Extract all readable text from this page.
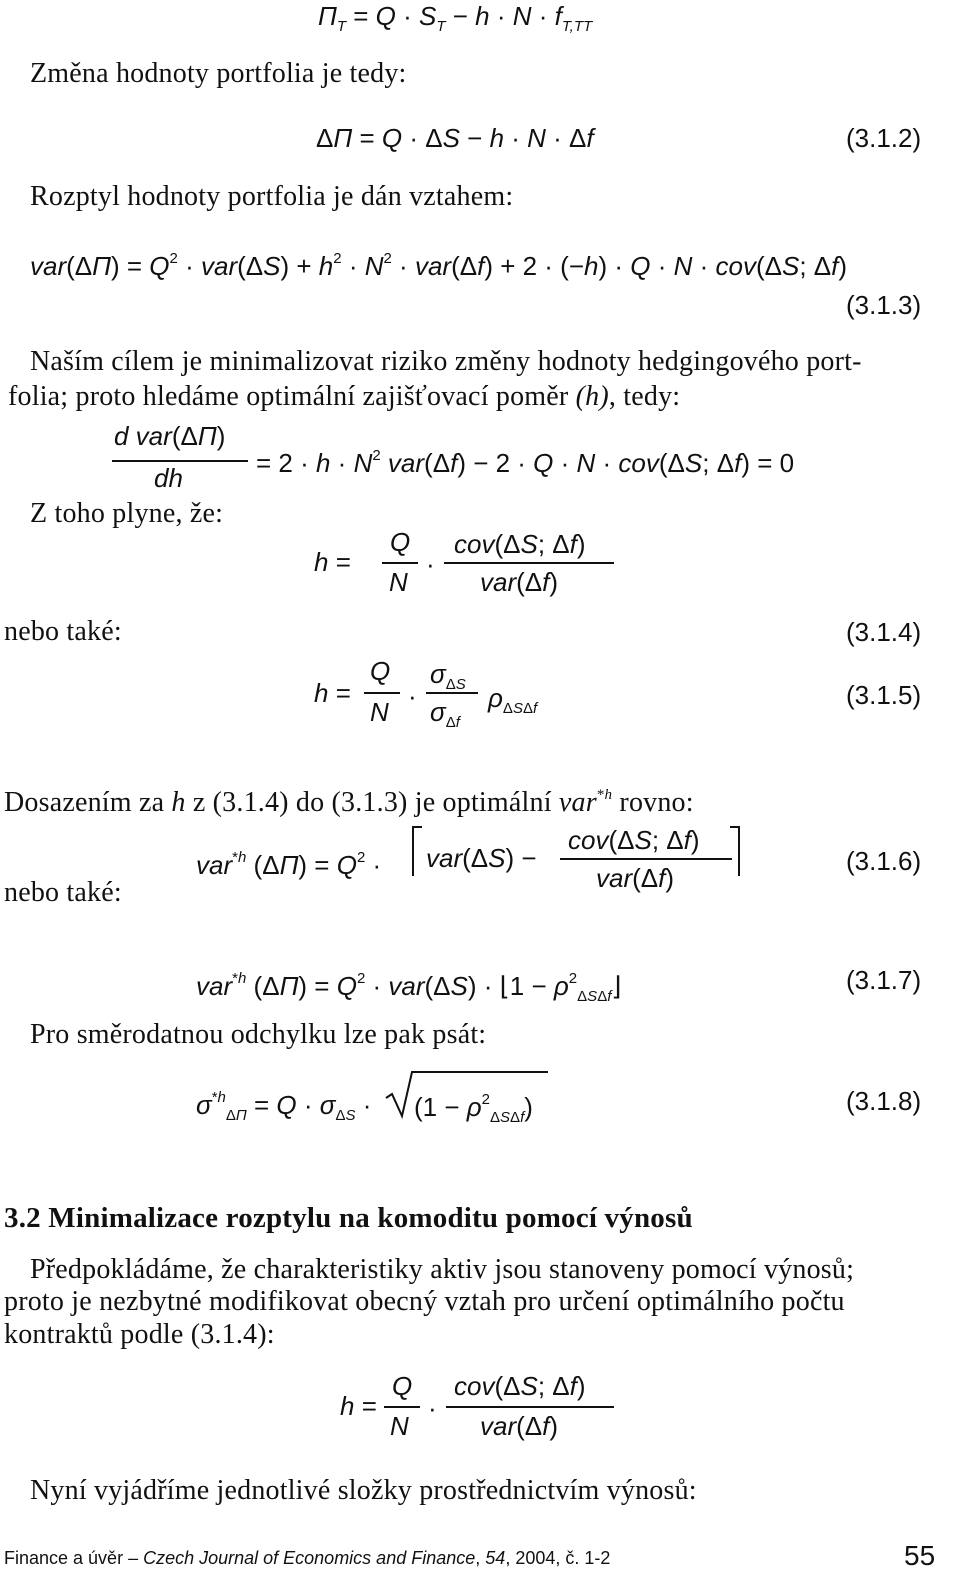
$\Pi_T = Q \cdot S_T - h \cdot N \cdot f_{T,TT}$
Změna hodnoty portfolia je tedy:
ΔΠ = Q · ΔS − h · N · Δf	(3.1.2)
Rozptyl hodnoty portfolia je dán vztahem:
$var(\Delta\Pi) = Q^2 \cdot var(\Delta S) + h^2 \cdot N^2 \cdot var(\Delta f) + 2 \cdot (-h) \cdot Q \cdot N \cdot cov(\Delta S$; Δf)
(3.1.3)
Naším cílem je minimalizovat riziko změny hodnoty hedgingového port-
folia; proto hledáme optimální zajišťovací poměr (h), tedy:
d var(ΔΠ)
dh	= $2 \cdot h \cdot N^2$ var(Δf) − 2 · Q · N · cov(ΔS; Δf) = 0
Z toho plyne, že:
h =
Q
N
·
cov(ΔS; Δf)
var(Δf)
nebo také:	(3.1.4)
h =
Q
N
·
$\sigma_{\Delta S}$
$\sigma_{\Delta f}$
$\rho_{\Delta S\Delta f}$	(3.1.5)
Dosazením za h z (3.1.4) do (3.1.3) je optimální var$^{*h}$ rovno:
var$^{*h}$ $(\Delta\Pi) = Q^2 \cdot var(\Delta S)$ −
cov(ΔS; Δf)
var(Δf)
(3.1.6)
nebo také:
var$^{*h}$ $(\Delta\Pi) = Q^2 \cdot var(\Delta S)$ · ⌊1 − $\rho^2_{\Delta S\Delta f}⌋$	(3.1.7)
Pro směrodatnou odchylku lze pak psát:
$\sigma^{*h}_{\Delta\Pi} = Q \cdot \sigma_{\Delta S} \cdot (1 - \rho^2_{\Delta S\Delta f})$	(3.1.8)
3.2 Minimalizace rozptylu na komoditu pomocí výnosů
Předpokládáme, že charakteristiky aktiv jsou stanoveny pomocí výnosů;
proto je nezbytné modifikovat obecný vztah pro určení optimálního počtu
kontraktů podle (3.1.4):
h =
Q
N
·
cov(ΔS; Δf)
var(Δf)
Nyní vyjádříme jednotlivé složky prostřednictvím výnosů:
Finance a úvěr – Czech Journal of Economics and Finance, 54, 2004, č. 1-2	55
